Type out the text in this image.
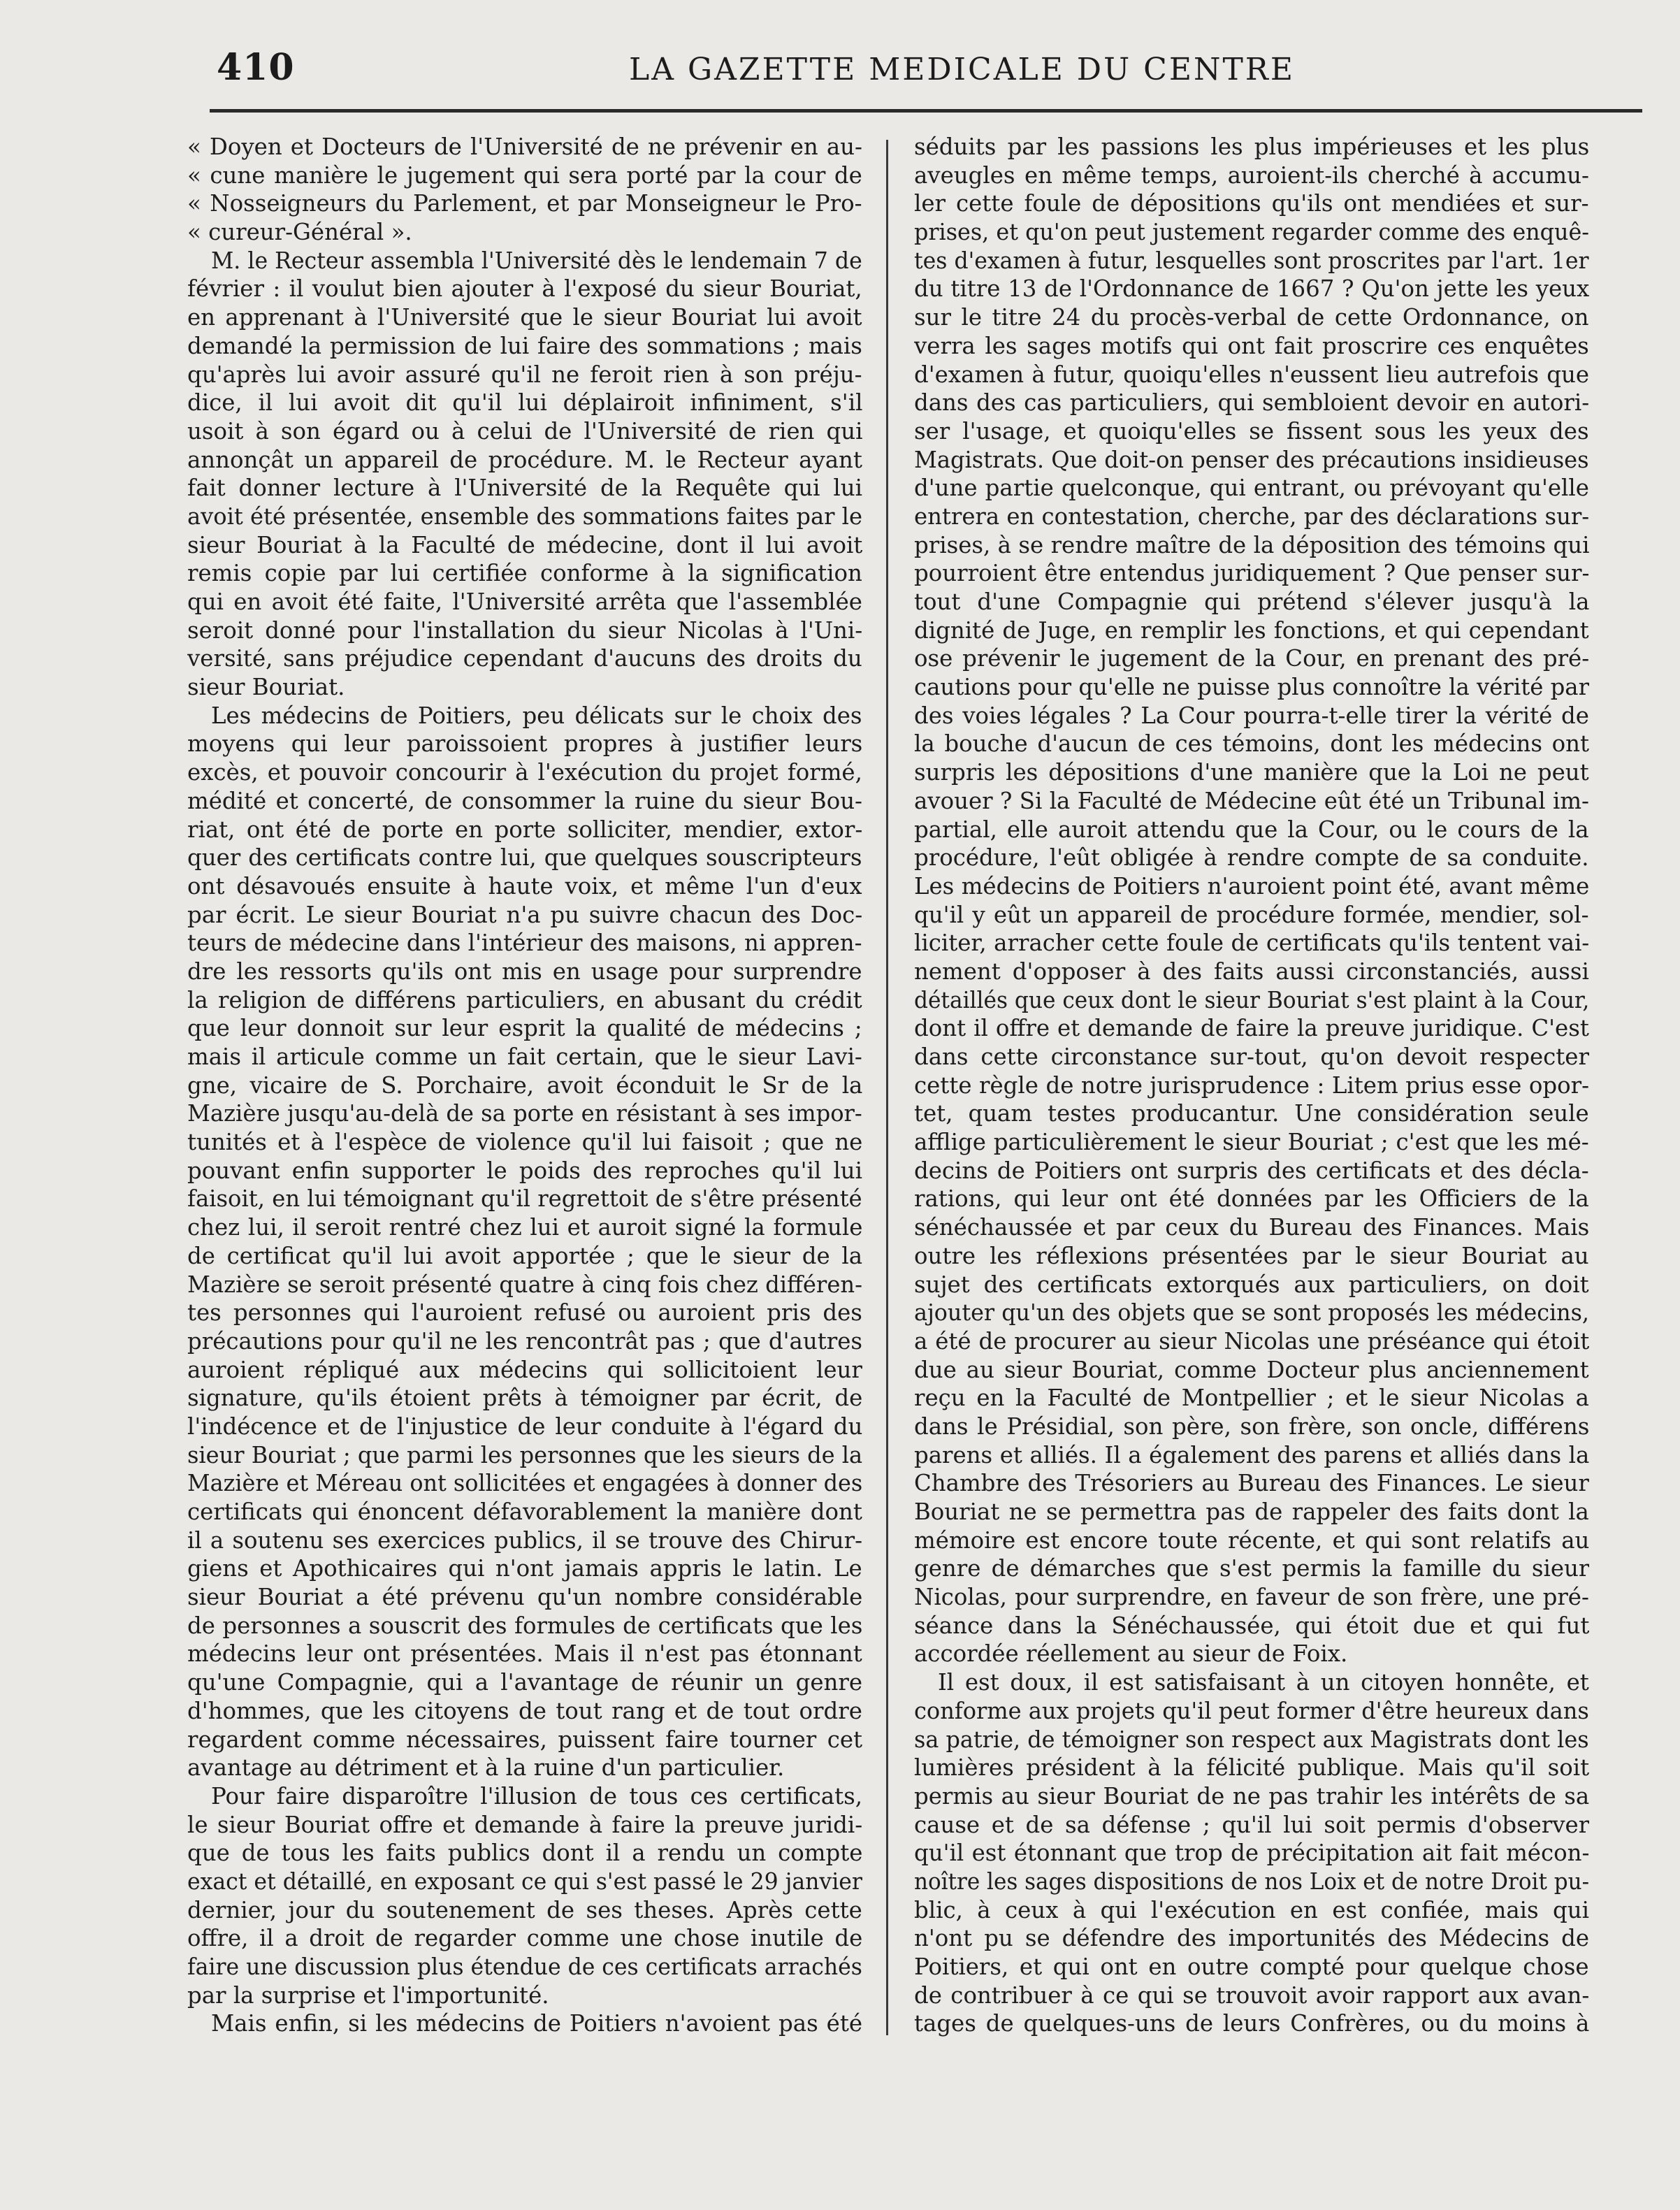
410	LA GAZETTE MEDICALE DU CENTRE
« Doyen et Docteurs de l'Université de ne prévenir en au-
« cune manière le jugement qui sera porté par la cour de
« Nosseigneurs du Parlement, et par Monseigneur le Pro-
« cureur-Général ».
M. le Recteur assembla l'Université dès le lendemain 7 de
février : il voulut bien ajouter à l'exposé du sieur Bouriat,
en apprenant à l'Université que le sieur Bouriat lui avoit
demandé la permission de lui faire des sommations ; mais
qu'après lui avoir assuré qu'il ne feroit rien à son préju-
dice, il lui avoit dit qu'il lui déplairoit infiniment, s'il
usoit à son égard ou à celui de l'Université de rien qui
annonçât un appareil de procédure. M. le Recteur ayant
fait donner lecture à l'Université de la Requête qui lui
avoit été présentée, ensemble des sommations faites par le
sieur Bouriat à la Faculté de médecine, dont il lui avoit
remis copie par lui certifiée conforme à la signification
qui en avoit été faite, l'Université arrêta que l'assemblée
seroit donné pour l'installation du sieur Nicolas à l'Uni-
versité, sans préjudice cependant d'aucuns des droits du
sieur Bouriat.
Les médecins de Poitiers, peu délicats sur le choix des
moyens qui leur paroissoient propres à justifier leurs
excès, et pouvoir concourir à l'exécution du projet formé,
médité et concerté, de consommer la ruine du sieur Bou-
riat, ont été de porte en porte solliciter, mendier, extor-
quer des certificats contre lui, que quelques souscripteurs
ont désavoués ensuite à haute voix, et même l'un d'eux
par écrit. Le sieur Bouriat n'a pu suivre chacun des Doc-
teurs de médecine dans l'intérieur des maisons, ni appren-
dre les ressorts qu'ils ont mis en usage pour surprendre
la religion de différens particuliers, en abusant du crédit
que leur donnoit sur leur esprit la qualité de médecins ;
mais il articule comme un fait certain, que le sieur Lavi-
gne, vicaire de S. Porchaire, avoit éconduit le Sr de la
Mazière jusqu'au-delà de sa porte en résistant à ses impor-
tunités et à l'espèce de violence qu'il lui faisoit ; que ne
pouvant enfin supporter le poids des reproches qu'il lui
faisoit, en lui témoignant qu'il regrettoit de s'être présenté
chez lui, il seroit rentré chez lui et auroit signé la formule
de certificat qu'il lui avoit apportée ; que le sieur de la
Mazière se seroit présenté quatre à cinq fois chez différen-
tes personnes qui l'auroient refusé ou auroient pris des
précautions pour qu'il ne les rencontrât pas ; que d'autres
auroient répliqué aux médecins qui sollicitoient leur
signature, qu'ils étoient prêts à témoigner par écrit, de
l'indécence et de l'injustice de leur conduite à l'égard du
sieur Bouriat ; que parmi les personnes que les sieurs de la
Mazière et Méreau ont sollicitées et engagées à donner des
certificats qui énoncent défavorablement la manière dont
il a soutenu ses exercices publics, il se trouve des Chirur-
giens et Apothicaires qui n'ont jamais appris le latin. Le
sieur Bouriat a été prévenu qu'un nombre considérable
de personnes a souscrit des formules de certificats que les
médecins leur ont présentées. Mais il n'est pas étonnant
qu'une Compagnie, qui a l'avantage de réunir un genre
d'hommes, que les citoyens de tout rang et de tout ordre
regardent comme nécessaires, puissent faire tourner cet
avantage au détriment et à la ruine d'un particulier.
Pour faire disparoître l'illusion de tous ces certificats,
le sieur Bouriat offre et demande à faire la preuve juridi-
que de tous les faits publics dont il a rendu un compte
exact et détaillé, en exposant ce qui s'est passé le 29 janvier
dernier, jour du soutenement de ses theses. Après cette
offre, il a droit de regarder comme une chose inutile de
faire une discussion plus étendue de ces certificats arrachés
par la surprise et l'importunité.
Mais enfin, si les médecins de Poitiers n'avoient pas été
séduits par les passions les plus impérieuses et les plus
aveugles en même temps, auroient-ils cherché à accumu-
ler cette foule de dépositions qu'ils ont mendiées et sur-
prises, et qu'on peut justement regarder comme des enquê-
tes d'examen à futur, lesquelles sont proscrites par l'art. 1er
du titre 13 de l'Ordonnance de 1667 ? Qu'on jette les yeux
sur le titre 24 du procès-verbal de cette Ordonnance, on
verra les sages motifs qui ont fait proscrire ces enquêtes
d'examen à futur, quoiqu'elles n'eussent lieu autrefois que
dans des cas particuliers, qui sembloient devoir en autori-
ser l'usage, et quoiqu'elles se fissent sous les yeux des
Magistrats. Que doit-on penser des précautions insidieuses
d'une partie quelconque, qui entrant, ou prévoyant qu'elle
entrera en contestation, cherche, par des déclarations sur-
prises, à se rendre maître de la déposition des témoins qui
pourroient être entendus juridiquement ? Que penser sur-
tout d'une Compagnie qui prétend s'élever jusqu'à la
dignité de Juge, en remplir les fonctions, et qui cependant
ose prévenir le jugement de la Cour, en prenant des pré-
cautions pour qu'elle ne puisse plus connoître la vérité par
des voies légales ? La Cour pourra-t-elle tirer la vérité de
la bouche d'aucun de ces témoins, dont les médecins ont
surpris les dépositions d'une manière que la Loi ne peut
avouer ? Si la Faculté de Médecine eût été un Tribunal im-
partial, elle auroit attendu que la Cour, ou le cours de la
procédure, l'eût obligée à rendre compte de sa conduite.
Les médecins de Poitiers n'auroient point été, avant même
qu'il y eût un appareil de procédure formée, mendier, sol-
liciter, arracher cette foule de certificats qu'ils tentent vai-
nement d'opposer à des faits aussi circonstanciés, aussi
détaillés que ceux dont le sieur Bouriat s'est plaint à la Cour,
dont il offre et demande de faire la preuve juridique. C'est
dans cette circonstance sur-tout, qu'on devoit respecter
cette règle de notre jurisprudence : Litem prius esse opor-
tet, quam testes producantur. Une considération seule
afflige particulièrement le sieur Bouriat ; c'est que les mé-
decins de Poitiers ont surpris des certificats et des décla-
rations, qui leur ont été données par les Officiers de la
sénéchaussée et par ceux du Bureau des Finances. Mais
outre les réflexions présentées par le sieur Bouriat au
sujet des certificats extorqués aux particuliers, on doit
ajouter qu'un des objets que se sont proposés les médecins,
a été de procurer au sieur Nicolas une préséance qui étoit
due au sieur Bouriat, comme Docteur plus anciennement
reçu en la Faculté de Montpellier ; et le sieur Nicolas a
dans le Présidial, son père, son frère, son oncle, différens
parens et alliés. Il a également des parens et alliés dans la
Chambre des Trésoriers au Bureau des Finances. Le sieur
Bouriat ne se permettra pas de rappeler des faits dont la
mémoire est encore toute récente, et qui sont relatifs au
genre de démarches que s'est permis la famille du sieur
Nicolas, pour surprendre, en faveur de son frère, une pré-
séance dans la Sénéchaussée, qui étoit due et qui fut
accordée réellement au sieur de Foix.
Il est doux, il est satisfaisant à un citoyen honnête, et
conforme aux projets qu'il peut former d'être heureux dans
sa patrie, de témoigner son respect aux Magistrats dont les
lumières président à la félicité publique. Mais qu'il soit
permis au sieur Bouriat de ne pas trahir les intérêts de sa
cause et de sa défense ; qu'il lui soit permis d'observer
qu'il est étonnant que trop de précipitation ait fait mécon-
noître les sages dispositions de nos Loix et de notre Droit pu-
blic, à ceux à qui l'exécution en est confiée, mais qui
n'ont pu se défendre des importunités des Médecins de
Poitiers, et qui ont en outre compté pour quelque chose
de contribuer à ce qui se trouvoit avoir rapport aux avan-
tages de quelques-uns de leurs Confrères, ou du moins à
